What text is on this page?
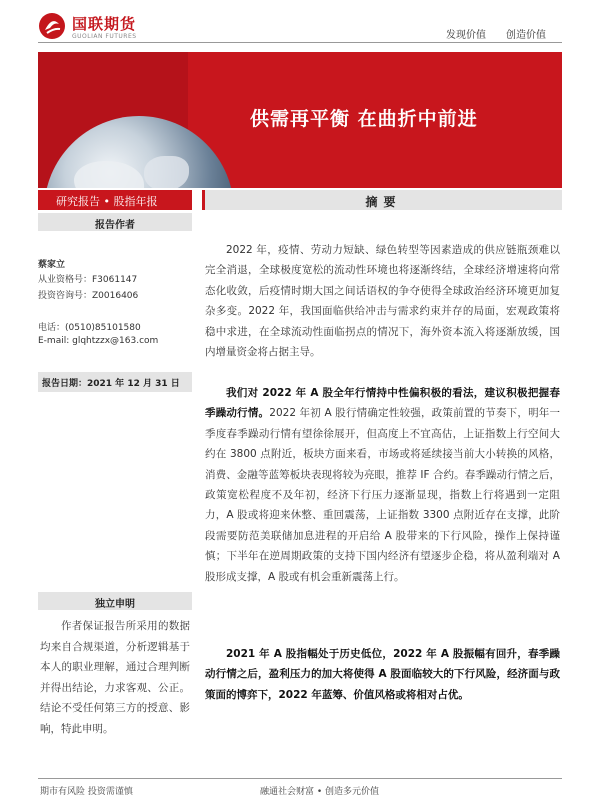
国联期货
GUOLIAN FUTURES	发现价值 创造价值
供需再平衡 在曲折中前进
研究报告 • 股指年报
报告作者
蔡家立
从业资格号：F3061147
投资咨询号：Z0016406
电话：(0510)85101580
E-mail: glqhtzzx@163.com
报告日期：2021 年 12 月 31 日
独立申明
作者保证报告所采用的数据均来自合规渠道，分析逻辑基于本人的职业理解，通过合理判断并得出结论，力求客观、公正。结论不受任何第三方的授意、影响，特此申明。
摘要

2022 年，疫情、劳动力短缺、绿色转型等因素造成的供应链瓶颈难以完全消退，全球极度宽松的流动性环境也将逐渐终结，全球经济增速将向常态化收敛，后疫情时期大国之间话语权的争夺使得全球政治经济环境更加复杂多变。2022 年，我国面临供给冲击与需求约束并存的局面，宏观政策将稳中求进，在全球流动性面临拐点的情况下，海外资本流入将逐渐放缓，国内增量资金将占据主导。

我们对 2022 年 A 股全年行情持中性偏积极的看法，建议积极把握春季躁动行情。2022 年初 A 股行情确定性较强，政策前置的节奏下，明年一季度春季躁动行情有望徐徐展开，但高度上不宜高估，上证指数上行空间大约在 3800 点附近，板块方面来看，市场或将延续接当前大小转换的风格，消费、金融等蓝筹板块表现将较为亮眼，推荐 IF 合约。春季躁动行情之后，政策宽松程度不及年初，经济下行压力逐渐显现，指数上行将遇到一定阻力，A 股或将迎来休整、重回震荡，上证指数 3300 点附近存在支撑，此阶段需要防范美联储加息进程的开启给 A 股带来的下行风险，操作上保持谨慎；下半年在逆周期政策的支持下国内经济有望逐步企稳，将从盈利端对 A 股形成支撑，A 股或有机会重新震荡上行。

2021 年 A 股指幅处于历史低位，2022 年 A 股振幅有回升，春季躁动行情之后，盈利压力的加大将使得 A 股面临较大的下行风险，经济面与政策面的博弈下，2022 年蓝筹、价值风格或将相对占优。

期市有风险 投资需谨慎	融通社会财富 • 创造多元价值
